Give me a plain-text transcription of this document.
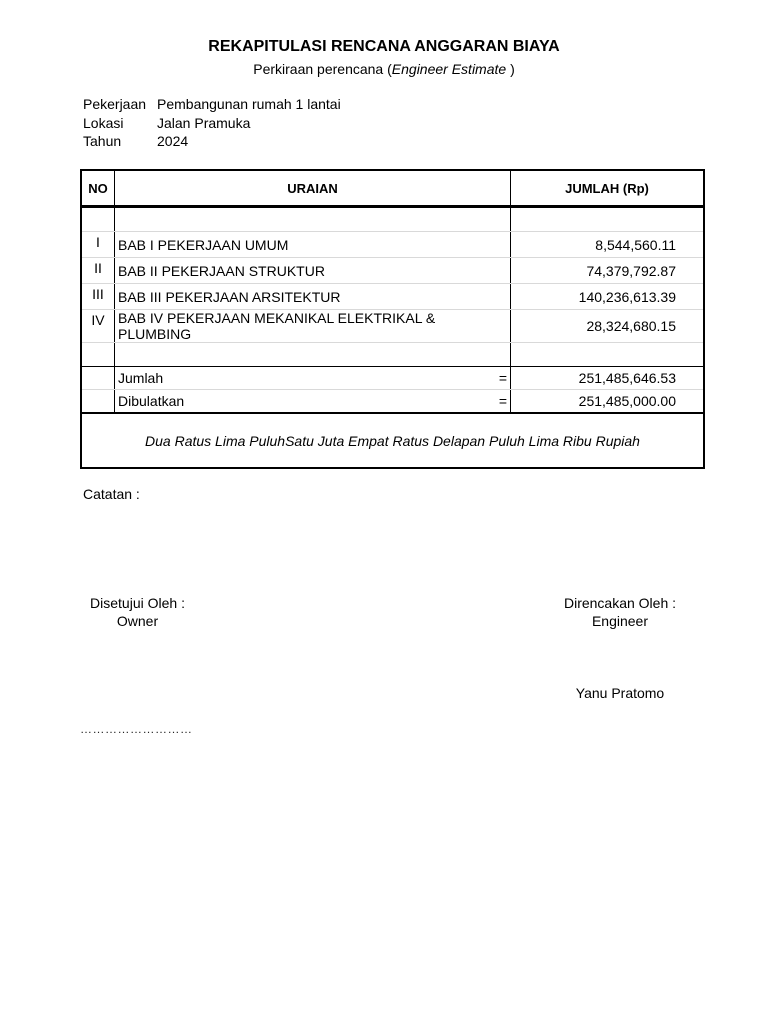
REKAPITULASI RENCANA ANGGARAN BIAYA
Perkiraan perencana (Engineer Estimate )
Pekerjaan Pembangunan rumah 1 lantai
Lokasi Jalan Pramuka
Tahun	2024
NO	URAIAN	JUMLAH (Rp)

I	BAB I PEKERJAAN UMUM	8,544,560.11
II	BAB II PEKERJAAN STRUKTUR	74,379,792.87
III	BAB III PEKERJAAN ARSITEKTUR	140,236,613.39
IV	BAB IV PEKERJAAN MEKANIKAL ELEKTRIKAL & PLUMBING	28,324,680.15

	Jumlah =	251,485,646.53
	Dibulatkan =	251,485,000.00
Dua Ratus Lima PuluhSatu Juta Empat Ratus Delapan Puluh Lima Ribu Rupiah		
Catatan :
Disetujui Oleh :
Owner
Direncakan Oleh :
Engineer
Yanu Pratomo
………………………
